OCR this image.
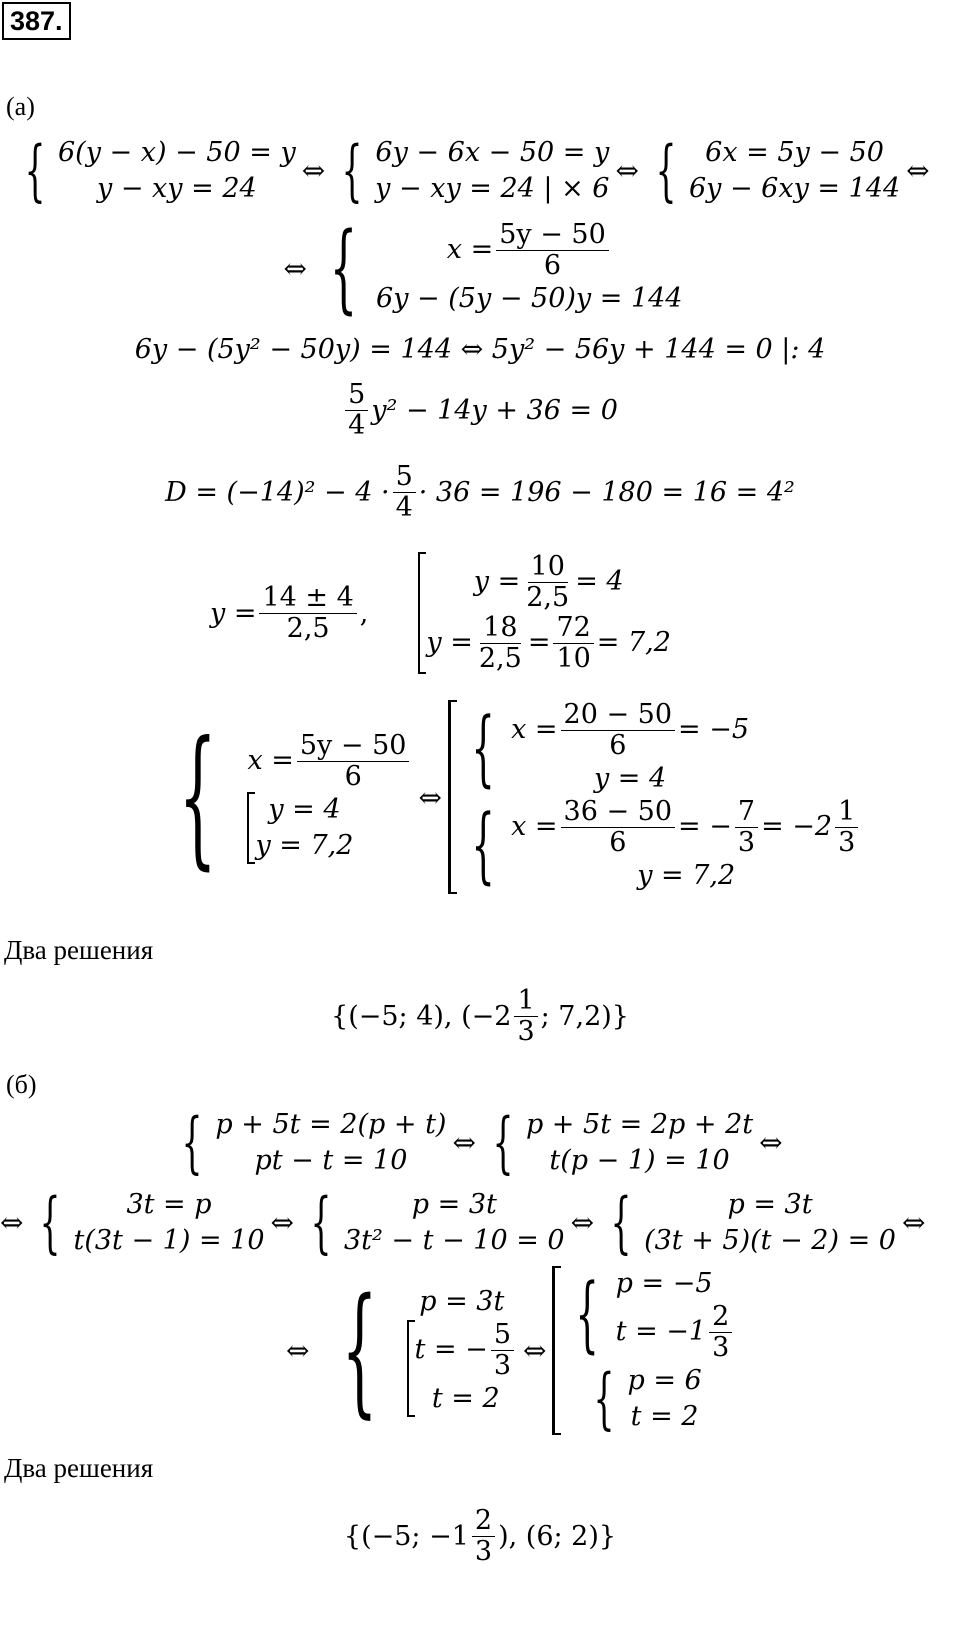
387.
(а)
{ 6(y − x) − 50 = y
y − xy = 24
⇔ { 6y − 6x − 50 = y
y − xy = 24 | × 6
⇔ {	6x = 5y − 50
6y − 6xy = 144
⇔
⇔ {	$x = \frac{5y - 50}{6}$
6y − (5y − 50)y = 144
6y − (5y² − 50y) = 144 ⇔ 5y² − 56y + 144 = 0 |: 4
$\frac{5}{4} y^2 - 14y + 36 = 0$
$D = (-14)^2 - 4 \cdot \frac{5}{4} \cdot 36 = 196 - 180 = 16 = 4^2$
$y = \frac{14 \pm 4}{2,5}$ ,
$y = \frac{10}{2,5} = 4$
$y = \frac{18}{2,5} = \frac{72}{10} = 7,2$
{ $x = \frac{5y - 50}{6}$
y = 4
y = 7,2
⇔
{ $x = \frac{20 - 50}{6} = -5$
y = 4
{ $x = \frac{36 - 50}{6}$ = − $\frac{7}{3} = -2 \frac{1}{3}$
y = 7,2
Два решения
{(−5; 4), ($-2 \frac{1}{3}$ ; 7,2)}
(б)
{ p + 5t = 2(p + t)
pt − t = 10
⇔ { p + 5t = 2p + 2t
t(p − 1) = 10
⇔
⇔ {	3t = p
t(3t − 1) = 10
⇔ {	p = 3t
3t² − t − 10 = 0
⇔ {	p = 3t
(3t + 5)(t − 2) = 0
⇔
⇔ {	p = 3t
t = − $\frac{5}{3}$
t = 2
⇔ { p = −5
$t = -1 \frac{2}{3}$
{ p = 6
t = 2
Два решения
{(−5; $-1 \frac{2}{3}$ ), (6; 2)}
